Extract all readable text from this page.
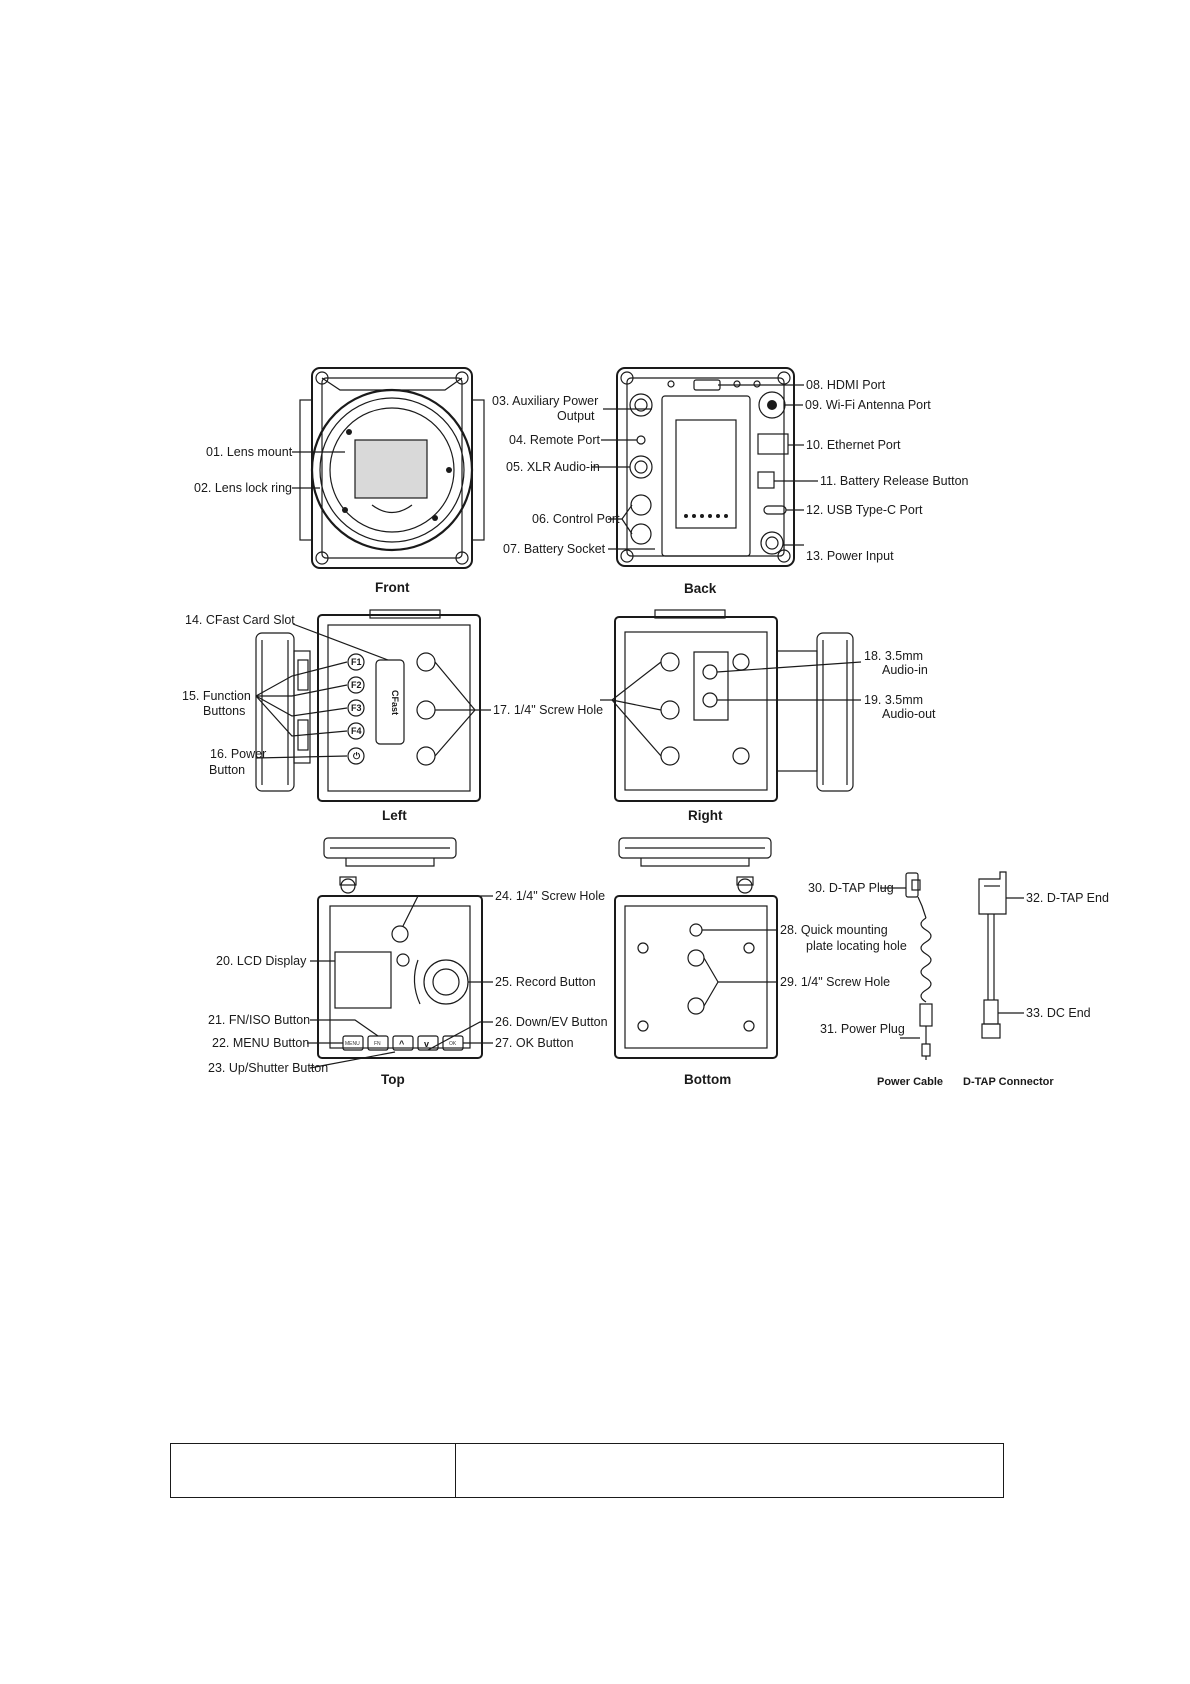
01. Lens mount
02. Lens lock ring
Front
03. Auxiliary Power
Output
04. Remote Port
05. XLR Audio-in
06. Control Port
07. Battery Socket
08. HDMI Port
09. Wi-Fi Antenna Port
10. Ethernet Port
11. Battery Release Button
12. USB Type-C Port
13. Power Input
Back
F1
F2
F3
F4
⏻
CFast
14. CFast Card Slot
15. Function
Buttons
16. Power
Button
17. 1/4" Screw Hole
Left
18. 3.5mm
Audio-in
19. 3.5mm
Audio-out
Right
MENU	FN ^ v	OK
24. 1/4" Screw Hole
20. LCD Display
25. Record Button
21. FN/ISO Button	26. Down/EV Button
22. MENU Button	27. OK Button
23. Up/Shutter Button
Top
28. Quick mounting
plate locating hole
29. 1/4" Screw Hole
Bottom
30. D-TAP Plug
31. Power Plug
Power Cable
32. D-TAP End
33. DC End
D-TAP Connector
